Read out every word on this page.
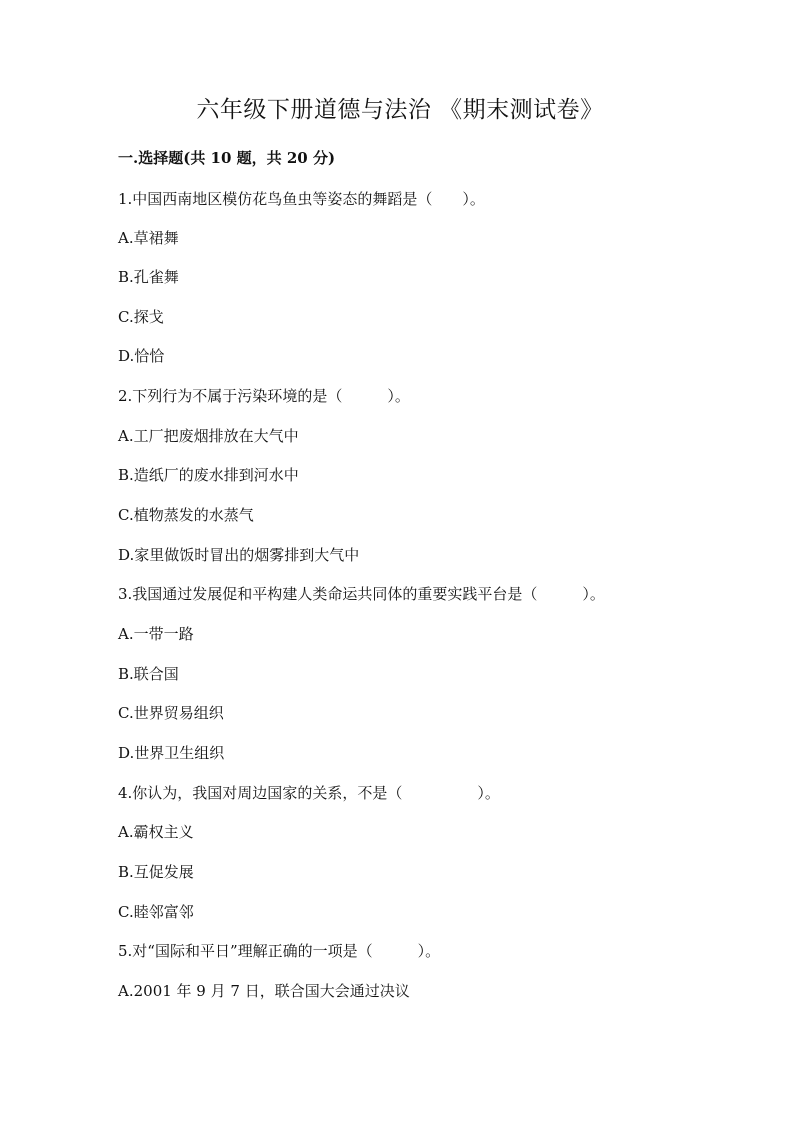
六年级下册道德与法治 《期末测试卷》
一.选择题(共 10 题，共 20 分)
1.中国西南地区模仿花鸟鱼虫等姿态的舞蹈是（　　）。
A.草裙舞
B.孔雀舞
C.探戈
D.恰恰
2.下列行为不属于污染环境的是（　　　）。
A.工厂把废烟排放在大气中
B.造纸厂的废水排到河水中
C.植物蒸发的水蒸气
D.家里做饭时冒出的烟雾排到大气中
3.我国通过发展促和平构建人类命运共同体的重要实践平台是（　　　）。
A.一带一路
B.联合国
C.世界贸易组织
D.世界卫生组织
4.你认为，我国对周边国家的关系，不是（　　　　　）。
A.霸权主义
B.互促发展
C.睦邻富邻
5.对“国际和平日”理解正确的一项是（　　　）。
A.2001 年 9 月 7 日，联合国大会通过决议
